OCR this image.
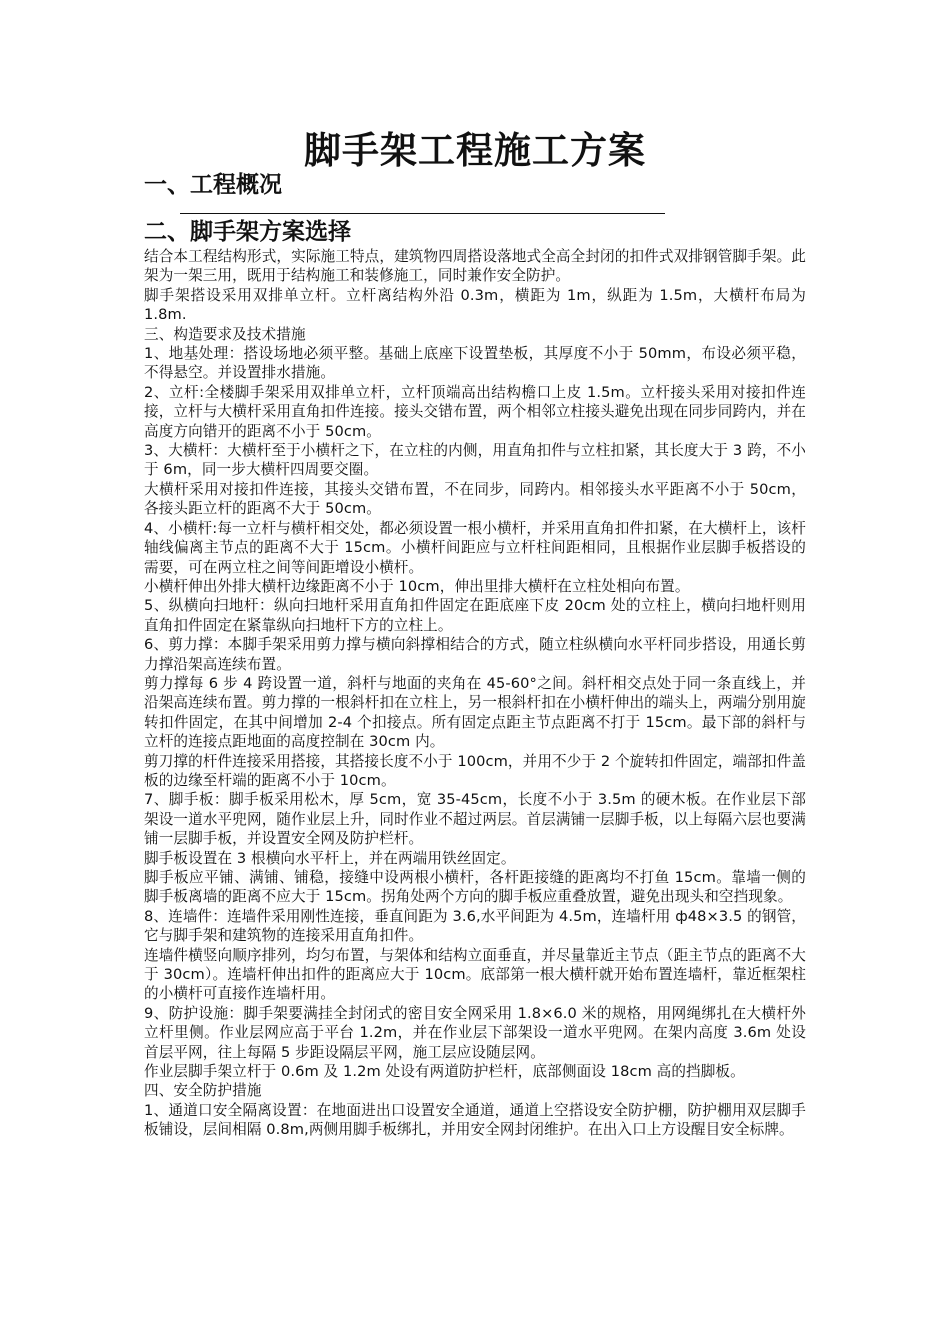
脚手架工程施工方案
一、工程概况
二、脚手架方案选择

结合本工程结构形式，实际施工特点，建筑物四周搭设落地式全高全封闭的扣件式双排钢管脚手架。此架为一架三用，既用于结构施工和装修施工，同时兼作安全防护。

脚手架搭设采用双排单立杆。立杆离结构外沿 0.3m，横距为 1m，纵距为 1.5m，大横杆布局为 1.8m.

三、构造要求及技术措施

1、地基处理：搭设场地必须平整。基础上底座下设置垫板，其厚度不小于 50mm，布设必须平稳，不得悬空。并设置排水措施。

2、立杆:全楼脚手架采用双排单立杆，立杆顶端高出结构檐口上皮 1.5m。立杆接头采用对接扣件连接，立杆与大横杆采用直角扣件连接。接头交错布置，两个相邻立柱接头避免出现在同步同跨内，并在高度方向错开的距离不小于 50cm。

3、大横杆：大横杆至于小横杆之下，在立柱的内侧，用直角扣件与立柱扣紧，其长度大于 3 跨，不小于 6m，同一步大横杆四周要交圈。

大横杆采用对接扣件连接，其接头交错布置，不在同步，同跨内。相邻接头水平距离不小于 50cm，各接头距立杆的距离不大于 50cm。

4、小横杆:每一立杆与横杆相交处，都必须设置一根小横杆，并采用直角扣件扣紧，在大横杆上，该杆轴线偏离主节点的距离不大于 15cm。小横杆间距应与立杆柱间距相同，且根据作业层脚手板搭设的需要，可在两立柱之间等间距增设小横杆。

小横杆伸出外排大横杆边缘距离不小于 10cm，伸出里排大横杆在立柱处相向布置。

5、纵横向扫地杆：纵向扫地杆采用直角扣件固定在距底座下皮 20cm 处的立柱上，横向扫地杆则用直角扣件固定在紧靠纵向扫地杆下方的立柱上。

6、剪力撑：本脚手架采用剪力撑与横向斜撑相结合的方式，随立柱纵横向水平杆同步搭设，用通长剪力撑沿架高连续布置。

剪力撑每 6 步 4 跨设置一道，斜杆与地面的夹角在 45-60°之间。斜杆相交点处于同一条直线上，并沿架高连续布置。剪力撑的一根斜杆扣在立柱上，另一根斜杆扣在小横杆伸出的端头上，两端分别用旋转扣件固定，在其中间增加 2-4 个扣接点。所有固定点距主节点距离不打于 15cm。最下部的斜杆与立杆的连接点距地面的高度控制在 30cm 内。

剪刀撑的杆件连接采用搭接，其搭接长度不小于 100cm，并用不少于 2 个旋转扣件固定，端部扣件盖板的边缘至杆端的距离不小于 10cm。

7、脚手板：脚手板采用松木，厚 5cm，宽 35-45cm，长度不小于 3.5m 的硬木板。在作业层下部架设一道水平兜网，随作业层上升，同时作业不超过两层。首层满铺一层脚手板，以上每隔六层也要满铺一层脚手板，并设置安全网及防护栏杆。

脚手板设置在 3 根横向水平杆上，并在两端用铁丝固定。

脚手板应平铺、满铺、铺稳，接缝中设两根小横杆，各杆距接缝的距离均不打鱼 15cm。靠墙一侧的脚手板离墙的距离不应大于 15cm。拐角处两个方向的脚手板应重叠放置，避免出现头和空挡现象。

8、连墙件：连墙件采用刚性连接，垂直间距为 3.6,水平间距为 4.5m，连墙杆用 ф48×3.5 的钢管，它与脚手架和建筑物的连接采用直角扣件。

连墙件横竖向顺序排列，均匀布置，与架体和结构立面垂直，并尽量靠近主节点（距主节点的距离不大于 30cm）。连墙杆伸出扣件的距离应大于 10cm。底部第一根大横杆就开始布置连墙杆，靠近框架柱的小横杆可直接作连墙杆用。

9、防护设施：脚手架要满挂全封闭式的密目安全网采用 1.8×6.0 米的规格，用网绳绑扎在大横杆外立杆里侧。作业层网应高于平台 1.2m，并在作业层下部架设一道水平兜网。在架内高度 3.6m 处设首层平网，往上每隔 5 步距设隔层平网，施工层应设随层网。

作业层脚手架立杆于 0.6m 及 1.2m 处设有两道防护栏杆，底部侧面设 18cm 高的挡脚板。

四、安全防护措施

1、通道口安全隔离设置：在地面进出口设置安全通道，通道上空搭设安全防护棚，防护棚用双层脚手板铺设，层间相隔 0.8m,两侧用脚手板绑扎，并用安全网封闭维护。在出入口上方设醒目安全标牌。
